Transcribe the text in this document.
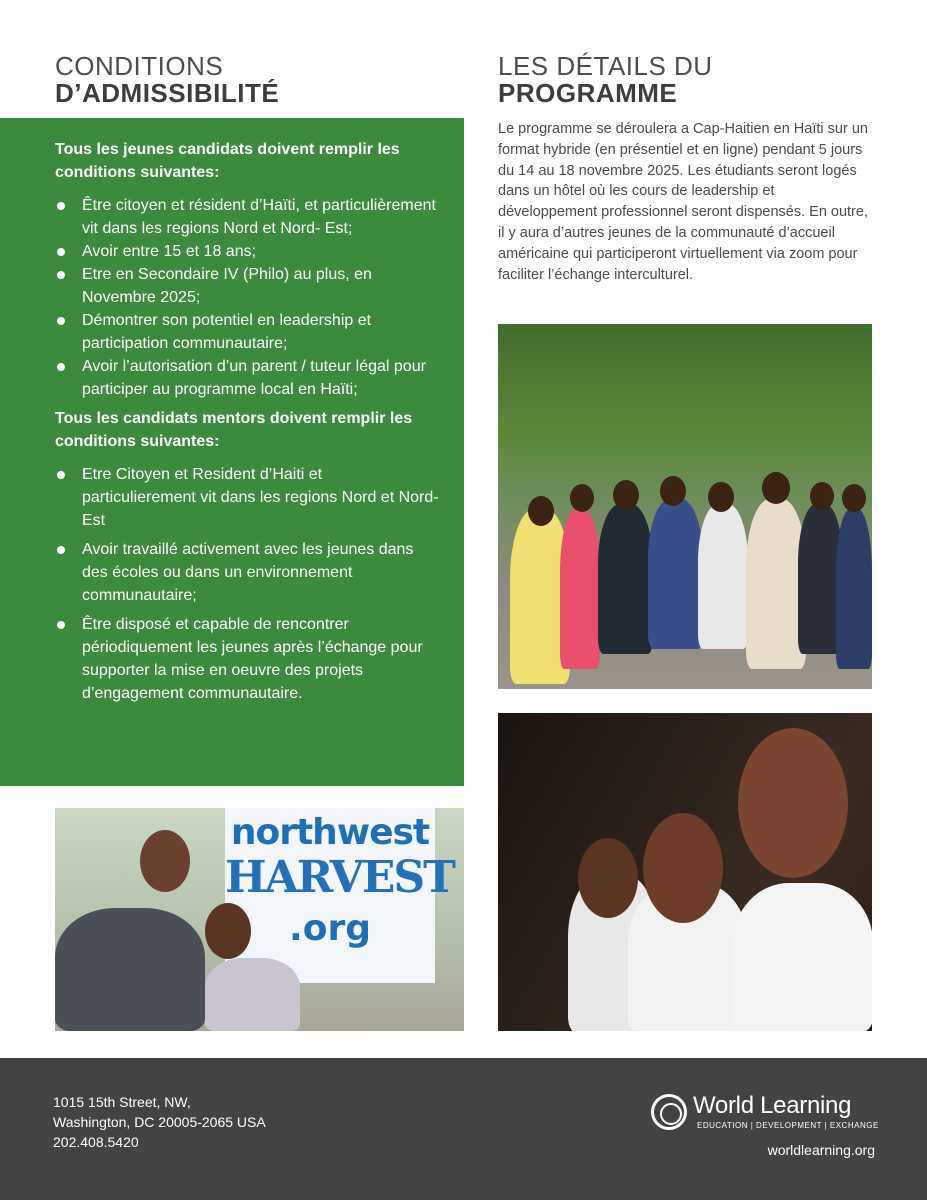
CONDITIONS
D’ADMISSIBILITÉ
LES DÉTAILS DU
PROGRAMME

Tous les jeunes candidats doivent remplir les conditions suivantes:

Être citoyen et résident d’Haïti, et particulièrement vit dans les regions Nord et Nord- Est;
Avoir entre 15 et 18 ans;
Etre en Secondaire IV (Philo) au plus, en Novembre 2025;
Démontrer son potentiel en leadership et participation communautaire;
Avoir l’autorisation d’un parent / tuteur légal pour participer au programme local en Haïti;

Tous les candidats mentors doivent remplir les conditions suivantes:

Etre Citoyen et Resident d’Haiti et particulierement vit dans les regions Nord et Nord-Est
Avoir travaillé activement avec les jeunes dans des écoles ou dans un environnement communautaire;
Être disposé et capable de rencontrer périodiquement les jeunes après l’échange pour supporter la mise en oeuvre des projets d’engagement communautaire.

Le programme se déroulera a Cap-Haitien en Haïti sur un format hybride (en présentiel et en ligne) pendant 5 jours du 14 au 18 novembre 2025. Les étudiants seront logés dans un hôtel où les cours de leadership et développement professionnel seront dispensés. En outre, il y aura d’autres jeunes de la communauté d’accueil américaine qui participeront virtuellement via zoom pour faciliter l’échange interculturel.

northwest
HARVEST
.org
1015 15th Street, NW,
Washington, DC 20005-2065 USA
202.408.5420
World Learning
EDUCATION | DEVELOPMENT | EXCHANGE
worldlearning.org
